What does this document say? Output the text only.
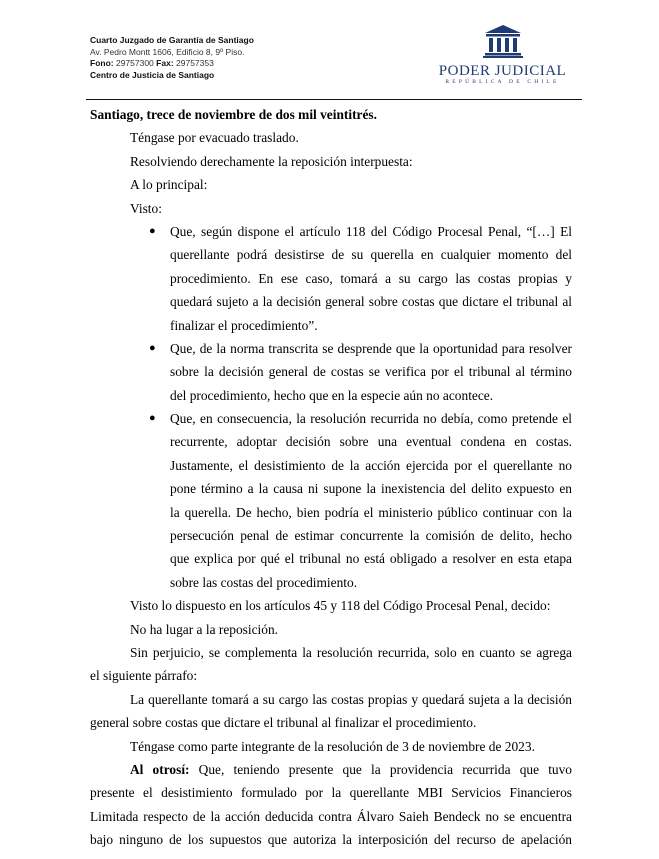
Cuarto Juzgado de Garantía de Santiago
Av. Pedro Montt 1606, Edificio 8, 9º Piso.
Fono: 29757300 Fax: 29757353
Centro de Justicia de Santiago	PODER JUDICIAL
REPÚBLICA DE CHILE
Santiago, trece de noviembre de dos mil veintitrés.
Téngase por evacuado traslado.
Resolviendo derechamente la reposición interpuesta:
A lo principal:
Visto:
●	Que, según dispone el artículo 118 del Código Procesal Penal, “[…] El
querellante podrá desistirse de su querella en cualquier momento del
procedimiento. En ese caso, tomará a su cargo las costas propias y
quedará sujeto a la decisión general sobre costas que dictare el tribunal al
finalizar el procedimiento”.
●	Que, de la norma transcrita se desprende que la oportunidad para resolver
sobre la decisión general de costas se verifica por el tribunal al término
del procedimiento, hecho que en la especie aún no acontece.
●	Que, en consecuencia, la resolución recurrida no debía, como pretende el
recurrente, adoptar decisión sobre una eventual condena en costas.
Justamente, el desistimiento de la acción ejercida por el querellante no
pone término a la causa ni supone la inexistencia del delito expuesto en
la querella. De hecho, bien podría el ministerio público continuar con la
persecución penal de estimar concurrente la comisión de delito, hecho
que explica por qué el tribunal no está obligado a resolver en esta etapa
sobre las costas del procedimiento.
Visto lo dispuesto en los artículos 45 y 118 del Código Procesal Penal, decido:
No ha lugar a la reposición.
Sin perjuicio, se complementa la resolución recurrida, solo en cuanto se agrega
el siguiente párrafo:
La querellante tomará a su cargo las costas propias y quedará sujeta a la decisión
general sobre costas que dictare el tribunal al finalizar el procedimiento.
Téngase como parte integrante de la resolución de 3 de noviembre de 2023.
Al otrosí: Que, teniendo presente que la providencia recurrida que tuvo
presente el desistimiento formulado por la querellante MBI Servicios Financieros
Limitada respecto de la acción deducida contra Álvaro Saieh Bendeck no se encuentra
bajo ninguno de los supuestos que autoriza la interposición del recurso de apelación
